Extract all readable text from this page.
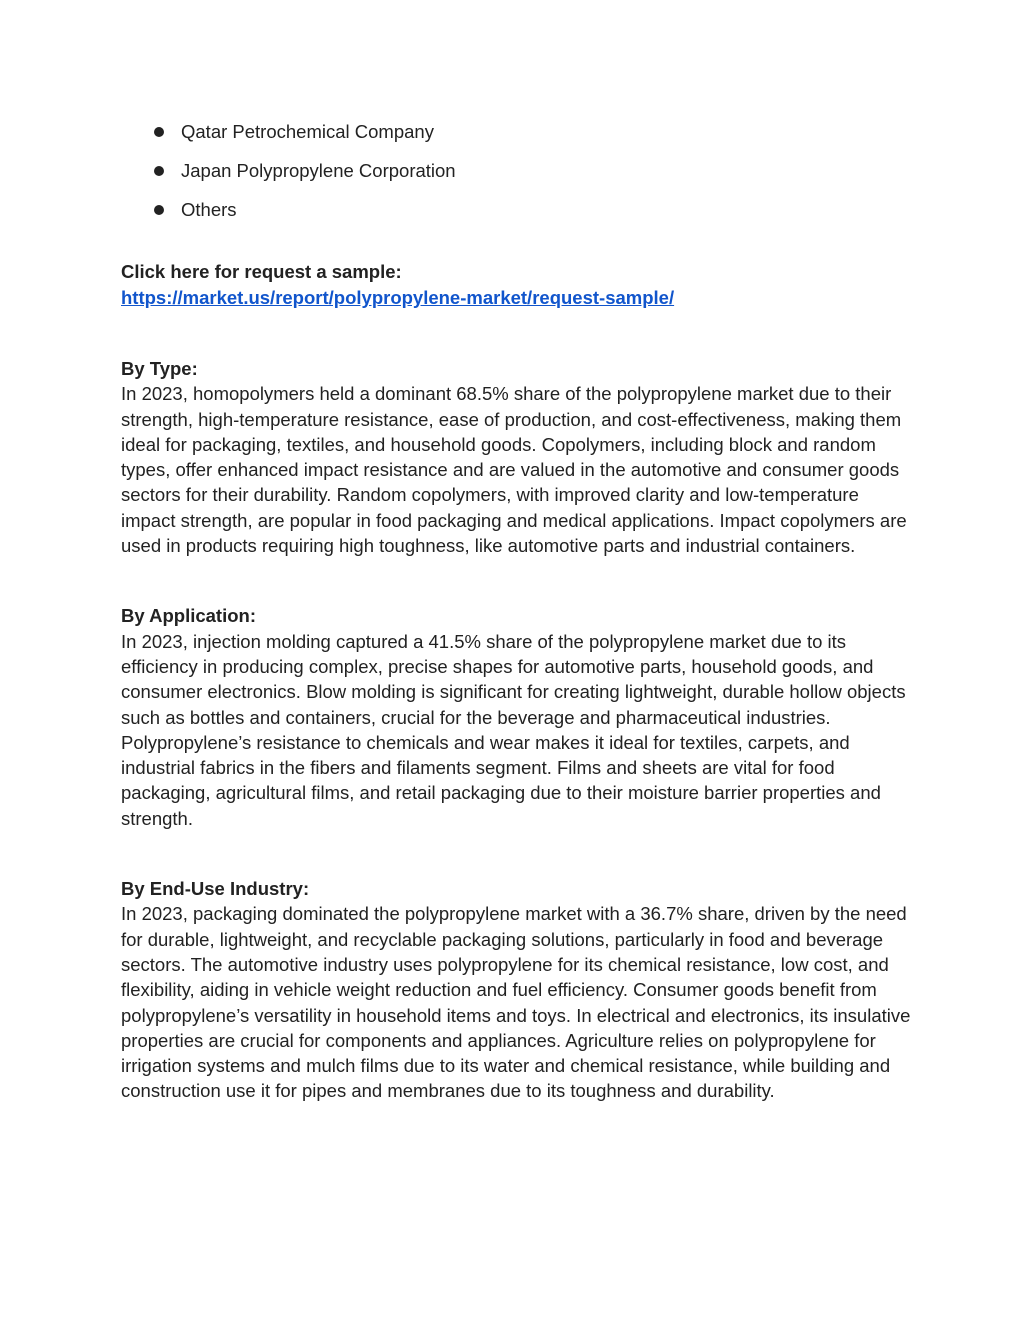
Qatar Petrochemical Company
Japan Polypropylene Corporation
Others
Click here for request a sample:
https://market.us/report/polypropylene-market/request-sample/
By Type:

In 2023, homopolymers held a dominant 68.5% share of the polypropylene market due to their strength, high-temperature resistance, ease of production, and cost-effectiveness, making them ideal for packaging, textiles, and household goods. Copolymers, including block and random types, offer enhanced impact resistance and are valued in the automotive and consumer goods sectors for their durability. Random copolymers, with improved clarity and low-temperature impact strength, are popular in food packaging and medical applications. Impact copolymers are used in products requiring high toughness, like automotive parts and industrial containers.

By Application:

In 2023, injection molding captured a 41.5% share of the polypropylene market due to its efficiency in producing complex, precise shapes for automotive parts, household goods, and consumer electronics. Blow molding is significant for creating lightweight, durable hollow objects such as bottles and containers, crucial for the beverage and pharmaceutical industries. Polypropylene’s resistance to chemicals and wear makes it ideal for textiles, carpets, and industrial fabrics in the fibers and filaments segment. Films and sheets are vital for food packaging, agricultural films, and retail packaging due to their moisture barrier properties and strength.

By End-Use Industry:

In 2023, packaging dominated the polypropylene market with a 36.7% share, driven by the need for durable, lightweight, and recyclable packaging solutions, particularly in food and beverage sectors. The automotive industry uses polypropylene for its chemical resistance, low cost, and flexibility, aiding in vehicle weight reduction and fuel efficiency. Consumer goods benefit from polypropylene’s versatility in household items and toys. In electrical and electronics, its insulative properties are crucial for components and appliances. Agriculture relies on polypropylene for irrigation systems and mulch films due to its water and chemical resistance, while building and construction use it for pipes and membranes due to its toughness and durability.
